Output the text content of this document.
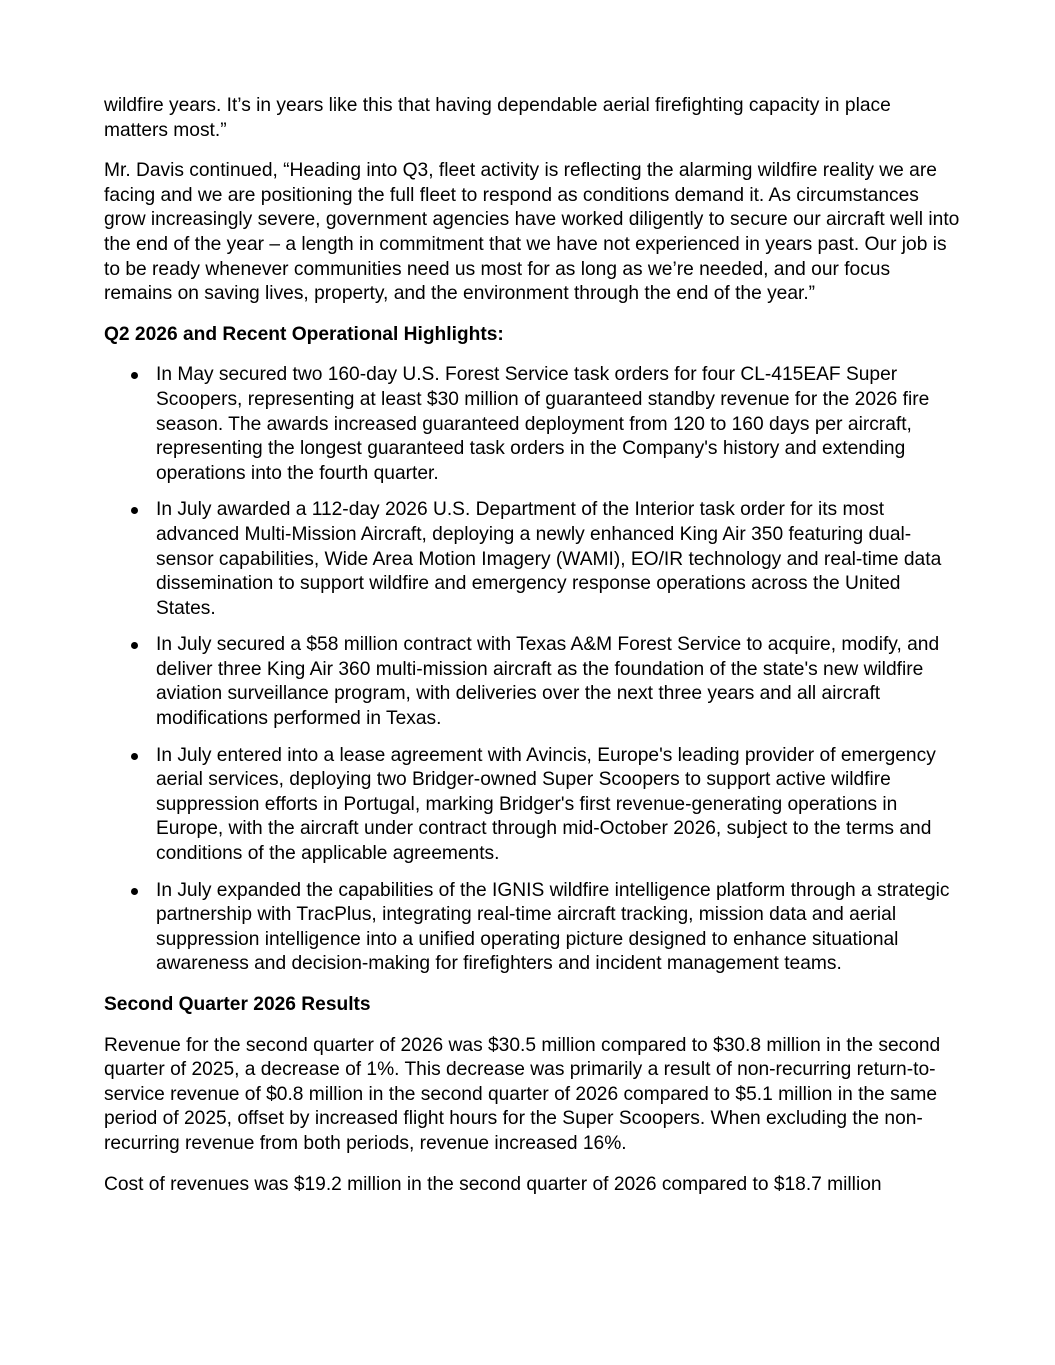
wildfire years. It’s in years like this that having dependable aerial firefighting capacity in place matters most.”

Mr. Davis continued, “Heading into Q3, fleet activity is reflecting the alarming wildfire reality we are facing and we are positioning the full fleet to respond as conditions demand it. As circumstances grow increasingly severe, government agencies have worked diligently to secure our aircraft well into the end of the year – a length in commitment that we have not experienced in years past. Our job is to be ready whenever communities need us most for as long as we’re needed, and our focus remains on saving lives, property, and the environment through the end of the year.”

Q2 2026 and Recent Operational Highlights:
In May secured two 160-day U.S. Forest Service task orders for four CL-415EAF Super Scoopers, representing at least $30 million of guaranteed standby revenue for the 2026 fire season. The awards increased guaranteed deployment from 120 to 160 days per aircraft, representing the longest guaranteed task orders in the Company's history and extending operations into the fourth quarter.
In July awarded a 112-day 2026 U.S. Department of the Interior task order for its most advanced Multi-Mission Aircraft, deploying a newly enhanced King Air 350 featuring dual-sensor capabilities, Wide Area Motion Imagery (WAMI), EO/IR technology and real-time data dissemination to support wildfire and emergency response operations across the United States.
In July secured a $58 million contract with Texas A&M Forest Service to acquire, modify, and deliver three King Air 360 multi-mission aircraft as the foundation of the state's new wildfire aviation surveillance program, with deliveries over the next three years and all aircraft modifications performed in Texas.
In July entered into a lease agreement with Avincis, Europe's leading provider of emergency aerial services, deploying two Bridger-owned Super Scoopers to support active wildfire suppression efforts in Portugal, marking Bridger's first revenue-generating operations in Europe, with the aircraft under contract through mid-October 2026, subject to the terms and conditions of the applicable agreements.
In July expanded the capabilities of the IGNIS wildfire intelligence platform through a strategic partnership with TracPlus, integrating real-time aircraft tracking, mission data and aerial suppression intelligence into a unified operating picture designed to enhance situational awareness and decision-making for firefighters and incident management teams.
Second Quarter 2026 Results

Revenue for the second quarter of 2026 was $30.5 million compared to $30.8 million in the second quarter of 2025, a decrease of 1%. This decrease was primarily a result of non-recurring return-to-service revenue of $0.8 million in the second quarter of 2026 compared to $5.1 million in the same period of 2025, offset by increased flight hours for the Super Scoopers. When excluding the non-recurring revenue from both periods, revenue increased 16%.

Cost of revenues was $19.2 million in the second quarter of 2026 compared to $18.7 million
